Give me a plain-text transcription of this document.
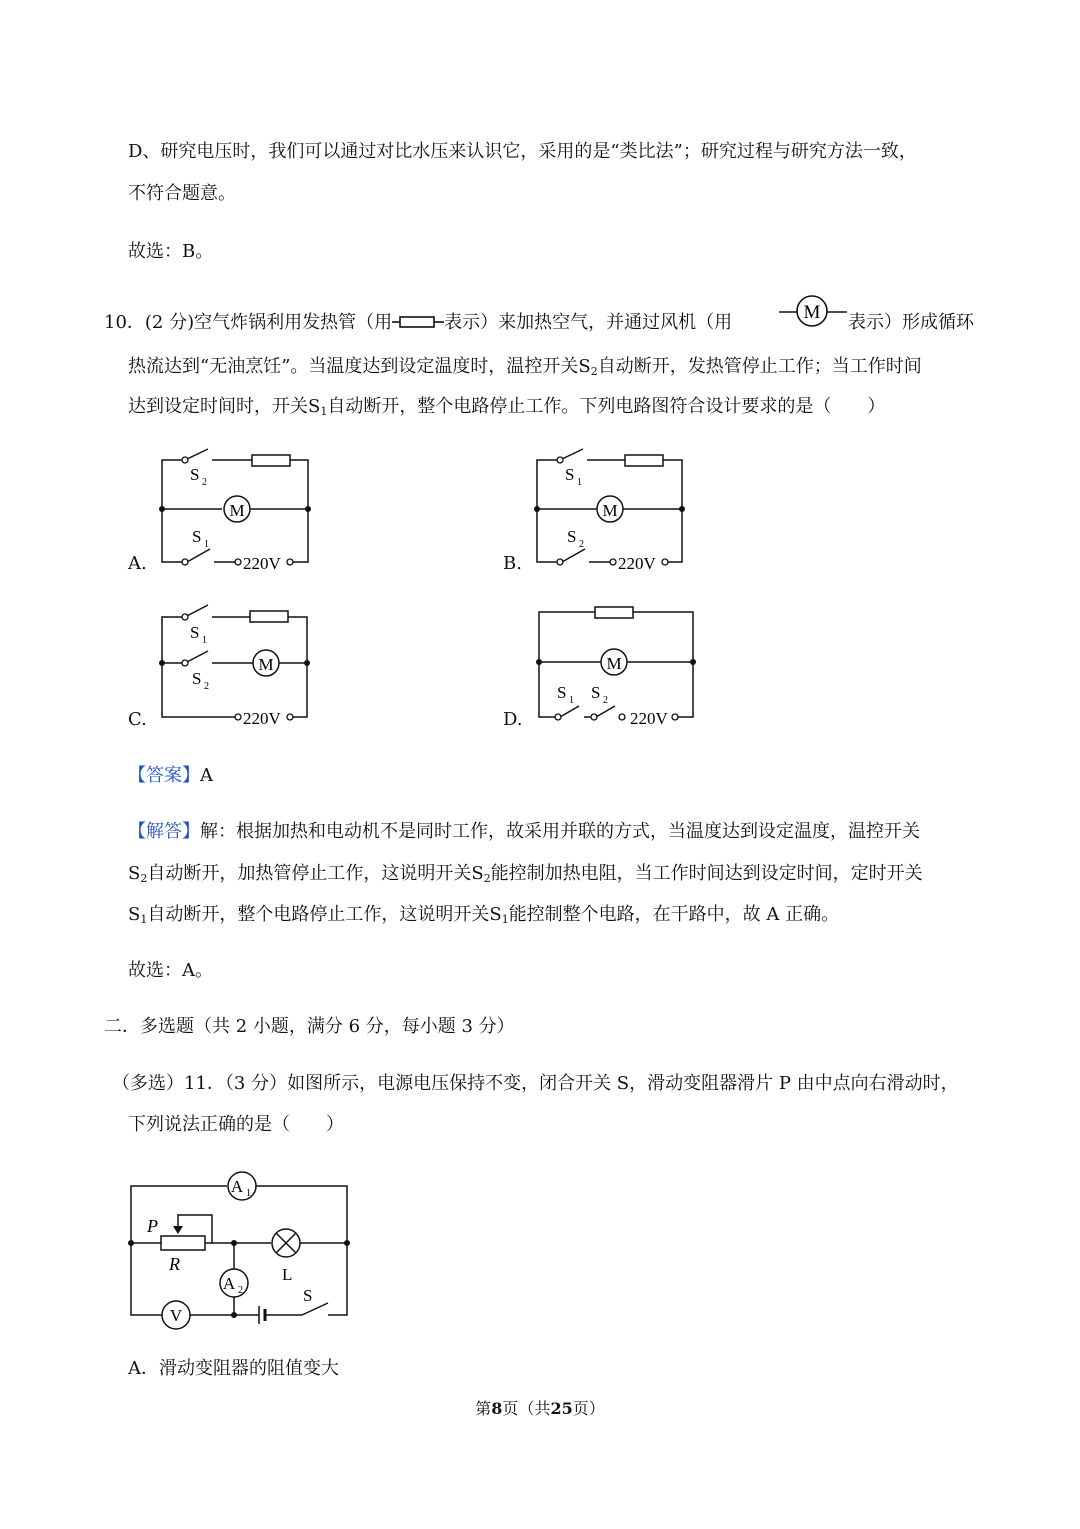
D、研究电压时，我们可以通过对比水压来认识它，采用的是“类比法”；研究过程与研究方法一致，
不符合题意。
故选：B。
10．(2 分)空气炸锅利用发热管（用	表示）来加热空气，并通过风机（用	M 表示）形成循环
热流达到“无油烹饪”。当温度达到设定温度时，温控开关$S_2$自动断开，发热管停止工作；当工作时间
达到设定时间时，开关$S_1$自动断开，整个电路停止工作。下列电路图符合设计要求的是（　　）
A.
M
S 2
S 1
220V	B.
M
S 1
S 2
220V
C.
M
S 1
S 2
220V	D.
M
S 1 S 2
220V
【答案】A
【解答】解：根据加热和电动机不是同时工作，故采用并联的方式，当温度达到设定温度，温控开关
$S_2$自动断开，加热管停止工作，这说明开关$S_2$能控制加热电阻，当工作时间达到设定时间，定时开关
$S_1$自动断开，整个电路停止工作，这说明开关$S_1$能控制整个电路，在干路中，故 A 正确。
故选：A。
二．多选题（共 2 小题，满分 6 分，每小题 3 分）
（多选）11．（3 分）如图所示，电源电压保持不变，闭合开关 S，滑动变阻器滑片 P 由中点向右滑动时，
下列说法正确的是（　　）
A 1
A 2
V
P
R
L
S
A．滑动变阻器的阻值变大
第8页（共25页）
